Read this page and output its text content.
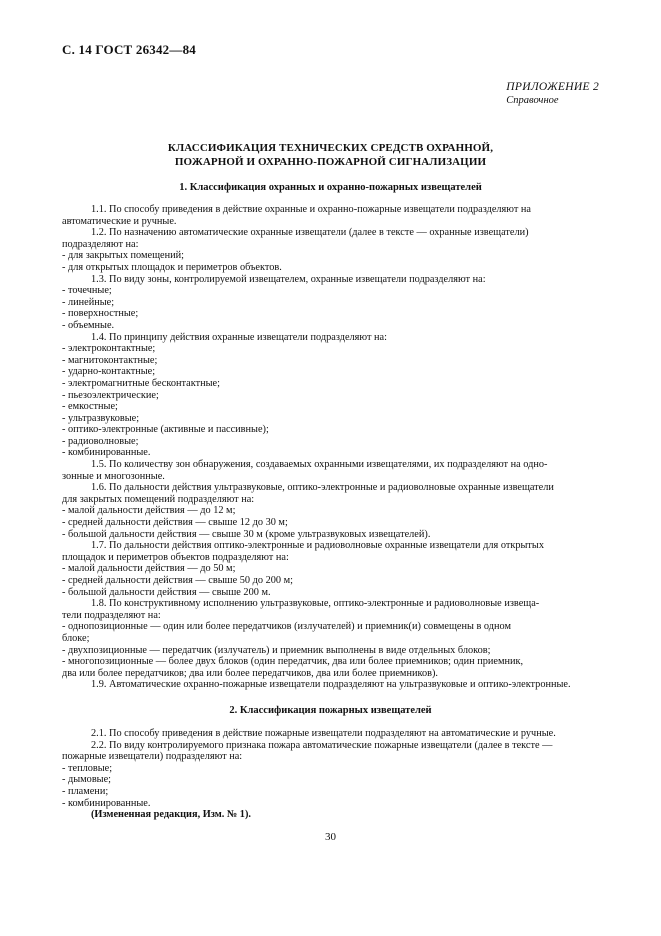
С. 14 ГОСТ 26342—84
ПРИЛОЖЕНИЕ 2
Справочное
КЛАССИФИКАЦИЯ ТЕХНИЧЕСКИХ СРЕДСТВ ОХРАННОЙ,
ПОЖАРНОЙ И ОХРАННО-ПОЖАРНОЙ СИГНАЛИЗАЦИИ
1. Классификация охранных и охранно-пожарных извещателей

1.1. По способу приведения в действие охранные и охранно-пожарные извещатели подразделяют на

автоматические и ручные.

1.2. По назначению автоматические охранные извещатели (далее в тексте — охранные извещатели)

подразделяют на:

- для закрытых помещений;

- для открытых площадок и периметров объектов.

1.3. По виду зоны, контролируемой извещателем, охранные извещатели подразделяют на:

- точечные;

- линейные;

- поверхностные;

- объемные.

1.4. По принципу действия охранные извещатели подразделяют на:

- электроконтактные;

- магнитоконтактные;

- ударно-контактные;

- электромагнитные бесконтактные;

- пьезоэлектрические;

- емкостные;

- ультразвуковые;

- оптико-электронные (активные и пассивные);

- радиоволновые;

- комбинированные.

1.5. По количеству зон обнаружения, создаваемых охранными извещателями, их подразделяют на одно-

зонные и многозонные.

1.6. По дальности действия ультразвуковые, оптико-электронные и радиоволновые охранные извещатели

для закрытых помещений подразделяют на:

- малой дальности действия — до 12 м;

- средней дальности действия — свыше 12 до 30 м;

- большой дальности действия — свыше 30 м (кроме ультразвуковых извещателей).

1.7. По дальности действия оптико-электронные и радиоволновые охранные извещатели для открытых

площадок и периметров объектов подразделяют на:

- малой дальности действия — до 50 м;

- средней дальности действия — свыше 50 до 200 м;

- большой дальности действия — свыше 200 м.

1.8. По конструктивному исполнению ультразвуковые, оптико-электронные и радиоволновые извеща-

тели подразделяют на:

- однопозиционные — один или более передатчиков (излучателей) и приемник(и) совмещены в одном

блоке;

- двухпозиционные — передатчик (излучатель) и приемник выполнены в виде отдельных блоков;

- многопозиционные — более двух блоков (один передатчик, два или более приемников; один приемник,

два или более передатчиков; два или более передатчиков, два или более приемников).

1.9. Автоматические охранно-пожарные извещатели подразделяют на ультразвуковые и оптико-электронные.

2. Классификация пожарных извещателей

2.1. По способу приведения в действие пожарные извещатели подразделяют на автоматические и ручные.

2.2. По виду контролируемого признака пожара автоматические пожарные извещатели (далее в тексте —

пожарные извещатели) подразделяют на:

- тепловые;

- дымовые;

- пламени;

- комбинированные.

(Измененная редакция, Изм. № 1).

30
